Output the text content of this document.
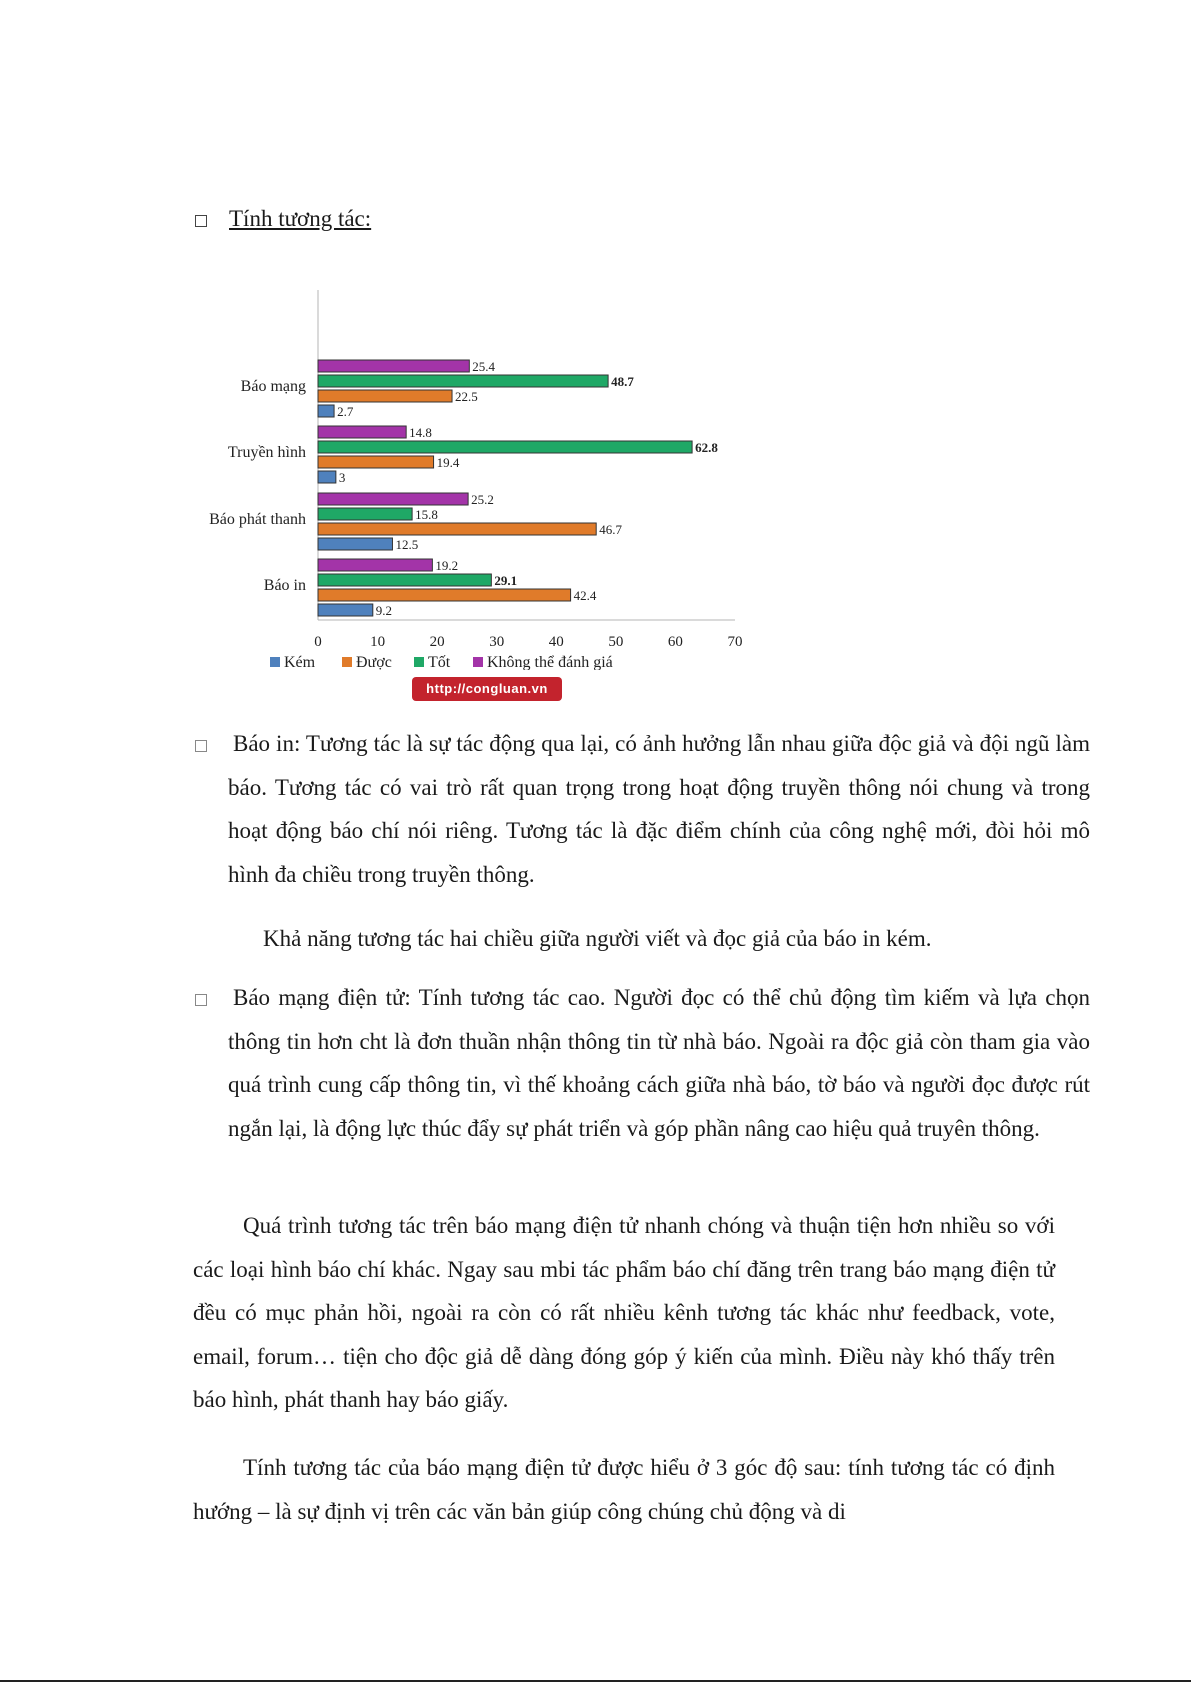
Tính tương tác:
Báo mạng
25.4
48.7
22.5
2.7
Truyền hình
14.8
62.8
19.4
3
Báo phát thanh
25.2
15.8
46.7
12.5
Báo in
19.2
29.1
42.4
9.2
0	10	20	30	40	50	60	70
Kém	Được Tốt Không thể đánh giá
http://congluan.vn

Báo in: Tương tác là sự tác động qua lại, có ảnh hưởng lẫn nhau giữa độc giả và đội ngũ làm báo. Tương tác có vai trò rất quan trọng trong hoạt động truyền thông nói chung và trong hoạt động báo chí nói riêng. Tương tác là đặc điểm chính của công nghệ mới, đòi hỏi mô hình đa chiều trong truyền thông.

Khả năng tương tác hai chiều giữa người viết và đọc giả của báo in kém.

Báo mạng điện tử: Tính tương tác cao. Người đọc có thể chủ động tìm kiếm và lựa chọn thông tin hơn cht là đơn thuần nhận thông tin từ nhà báo. Ngoài ra độc giả còn tham gia vào quá trình cung cấp thông tin, vì thế khoảng cách giữa nhà báo, tờ báo và người đọc được rút ngắn lại, là động lực thúc đẩy sự phát triển và góp phần nâng cao hiệu quả truyên thông.

Quá trình tương tác trên báo mạng điện tử nhanh chóng và thuận tiện hơn nhiều so với các loại hình báo chí khác. Ngay sau mbi tác phẩm báo chí đăng trên trang báo mạng điện tử đều có mục phản hồi, ngoài ra còn có rất nhiều kênh tương tác khác như feedback, vote, email, forum… tiện cho độc giả dễ dàng đóng góp ý kiến của mình. Điều này khó thấy trên báo hình, phát thanh hay báo giấy.

Tính tương tác của báo mạng điện tử được hiểu ở 3 góc độ sau: tính tương tác có định hướng – là sự định vị trên các văn bản giúp công chúng chủ động và di
